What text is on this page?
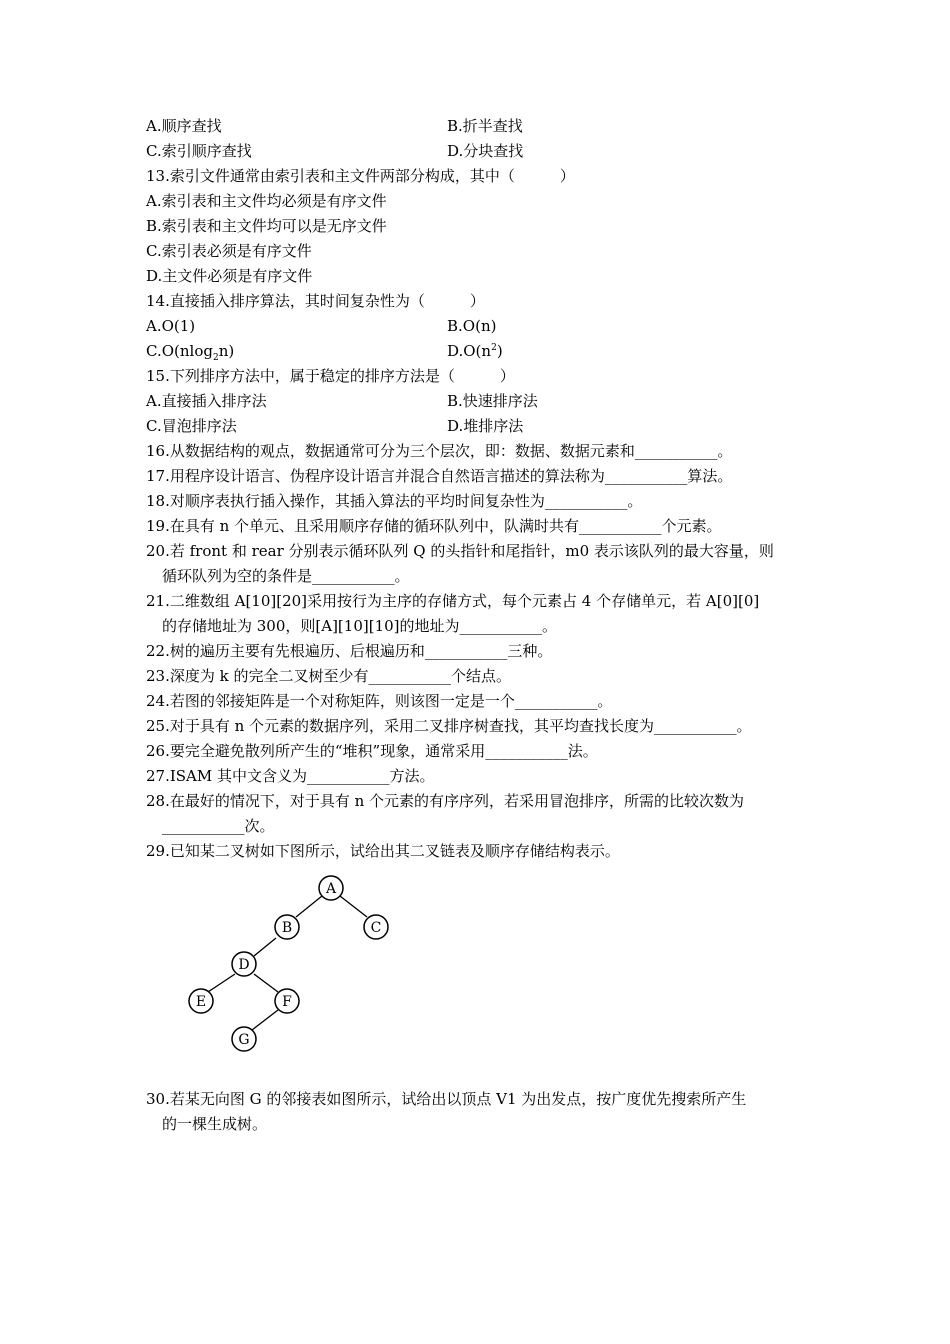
A.顺序查找	B.折半查找
C.索引顺序查找	D.分块查找
13.索引文件通常由索引表和主文件两部分构成，其中（　　　）
A.索引表和主文件均必须是有序文件
B.索引表和主文件均可以是无序文件
C.索引表必须是有序文件
D.主文件必须是有序文件
14.直接插入排序算法，其时间复杂性为（　　　）
A.O(1)	B.O(n)
C.O(nlog$_2$n)	$D.O(n^2)$
15.下列排序方法中，属于稳定的排序方法是（　　　）
A.直接插入排序法	B.快速排序法
C.冒泡排序法	D.堆排序法
16.从数据结构的观点，数据通常可分为三个层次，即：数据、数据元素和___________。
17.用程序设计语言、伪程序设计语言并混合自然语言描述的算法称为___________算法。
18.对顺序表执行插入操作，其插入算法的平均时间复杂性为___________。
19.在具有 n 个单元、且采用顺序存储的循环队列中，队满时共有___________个元素。
20.若 front 和 rear 分别表示循环队列 Q 的头指针和尾指针，m0 表示该队列的最大容量，则
循环队列为空的条件是___________。
21.二维数组 A[10][20]采用按行为主序的存储方式，每个元素占 4 个存储单元，若 A[0][0]
的存储地址为 300，则[A][10][10]的地址为___________。
22.树的遍历主要有先根遍历、后根遍历和___________三种。
23.深度为 k 的完全二叉树至少有___________个结点。
24.若图的邻接矩阵是一个对称矩阵，则该图一定是一个___________。
25.对于具有 n 个元素的数据序列，采用二叉排序树查找，其平均查找长度为___________。
26.要完全避免散列所产生的“堆积”现象，通常采用___________法。
27.ISAM 其中文含义为___________方法。
28.在最好的情况下，对于具有 n 个元素的有序序列，若采用冒泡排序，所需的比较次数为
___________次。
29.已知某二叉树如下图所示，试给出其二叉链表及顺序存储结构表示。
A
B	C
D
E	F
G
30.若某无向图 G 的邻接表如图所示，试给出以顶点 V1 为出发点，按广度优先搜索所产生
的一棵生成树。
